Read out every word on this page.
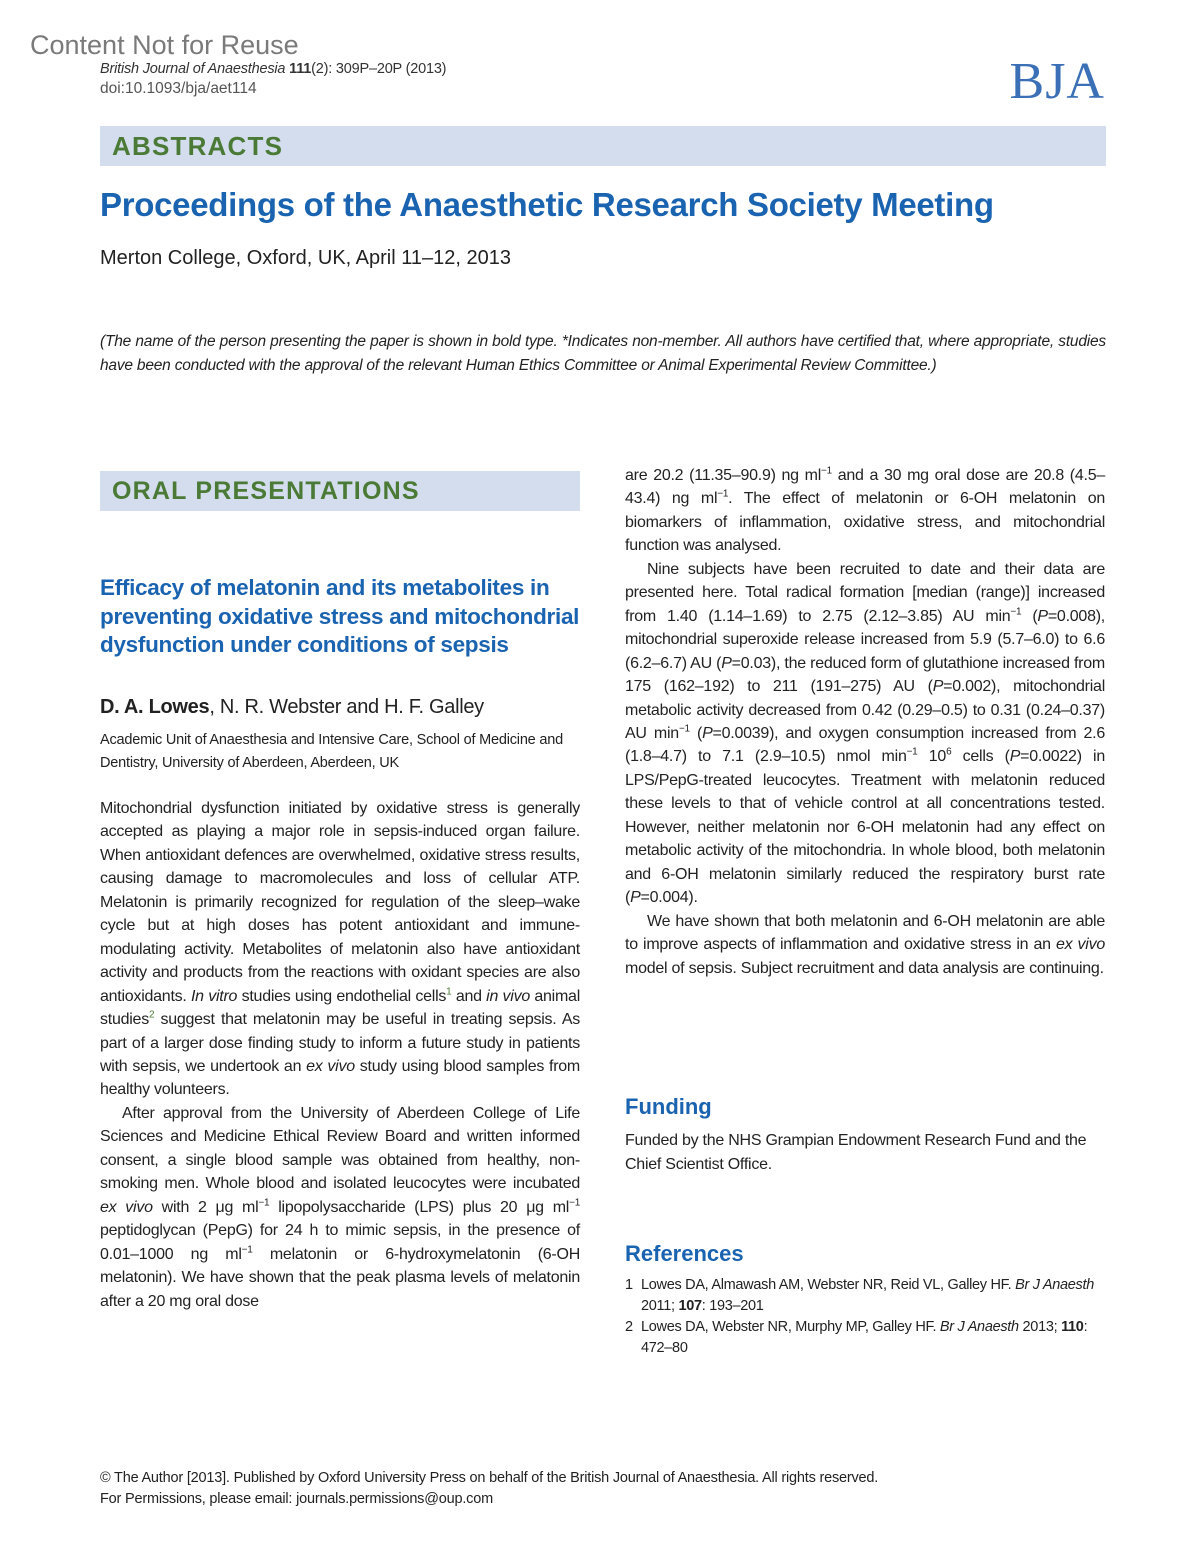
Content Not for Reuse
British Journal of Anaesthesia 111(2): 309P–20P (2013)
doi:10.1093/bja/aet114	BJA
ABSTRACTS
Proceedings of the Anaesthetic Research Society Meeting
Merton College, Oxford, UK, April 11–12, 2013
(The name of the person presenting the paper is shown in bold type. *Indicates non-member. All authors have certified that, where appropriate, studies have been conducted with the approval of the relevant Human Ethics Committee or Animal Experimental Review Committee.)
ORAL PRESENTATIONS
Efficacy of melatonin and its metabolites in preventing oxidative stress and mitochondrial dysfunction under conditions of sepsis
D. A. Lowes, N. R. Webster and H. F. Galley
Academic Unit of Anaesthesia and Intensive Care, School of Medicine and Dentistry, University of Aberdeen, Aberdeen, UK

Mitochondrial dysfunction initiated by oxidative stress is generally accepted as playing a major role in sepsis-induced organ failure. When antioxidant defences are overwhelmed, oxidative stress results, causing damage to macromolecules and loss of cellular ATP. Melatonin is primarily recognized for regulation of the sleep–wake cycle but at high doses has potent antioxidant and immune-modulating activity. Metabolites of melatonin also have antioxidant activity and products from the reactions with oxidant species are also antioxidants. In vitro studies using endothelial cells$^1$ and in vivo animal studies$^2$ suggest that melatonin may be useful in treating sepsis. As part of a larger dose finding study to inform a future study in patients with sepsis, we undertook an ex vivo study using blood samples from healthy volunteers.

After approval from the University of Aberdeen College of Life Sciences and Medicine Ethical Review Board and written informed consent, a single blood sample was obtained from healthy, non-smoking men. Whole blood and isolated leucocytes were incubated ex vivo with 2 μg $ml^{-1}$ lipopolysaccharide (LPS) plus 20 μg $ml^{-1}$ peptidoglycan (PepG) for 24 h to mimic sepsis, in the presence of 0.01–1000 ng $ml^{-1}$ melatonin or 6-hydroxymelatonin (6-OH melatonin). We have shown that the peak plasma levels of melatonin after a 20 mg oral dose

are 20.2 (11.35–90.9) ng $ml^{-1}$ and a 30 mg oral dose are 20.8 (4.5–43.4) ng $ml^{-1}$. The effect of melatonin or 6-OH melatonin on biomarkers of inflammation, oxidative stress, and mitochondrial function was analysed.

Nine subjects have been recruited to date and their data are presented here. Total radical formation [median (range)] increased from 1.40 (1.14–1.69) to 2.75 (2.12–3.85) AU $\min^{-1} (P=0.008)$, mitochondrial superoxide release increased from 5.9 (5.7–6.0) to 6.6 (6.2–6.7) AU (P=0.03), the reduced form of glutathione increased from 175 (162–192) to 211 (191–275) AU (P=0.002), mitochondrial metabolic activity decreased from 0.42 (0.29–0.5) to 0.31 (0.24–0.37) AU $\min^{-1} (P=0.0039)$, and oxygen consumption increased from 2.6 (1.8–4.7) to 7.1 (2.9–10.5) nmol $\min^{-1} 10^6$ cells (P=0.0022) in LPS/PepG-treated leucocytes. Treatment with melatonin reduced these levels to that of vehicle control at all concentrations tested. However, neither melatonin nor 6-OH melatonin had any effect on metabolic activity of the mitochondria. In whole blood, both melatonin and 6-OH melatonin similarly reduced the respiratory burst rate (P=0.004).

We have shown that both melatonin and 6-OH melatonin are able to improve aspects of inflammation and oxidative stress in an ex vivo model of sepsis. Subject recruitment and data analysis are continuing.

Funding
Funded by the NHS Grampian Endowment Research Fund and the Chief Scientist Office.
References
1 Lowes DA, Almawash AM, Webster NR, Reid VL, Galley HF. Br J Anaesth 2011; 107: 193–201
2 Lowes DA, Webster NR, Murphy MP, Galley HF. Br J Anaesth 2013; 110: 472–80
© The Author [2013]. Published by Oxford University Press on behalf of the British Journal of Anaesthesia. All rights reserved.
For Permissions, please email: journals.permissions@oup.com
